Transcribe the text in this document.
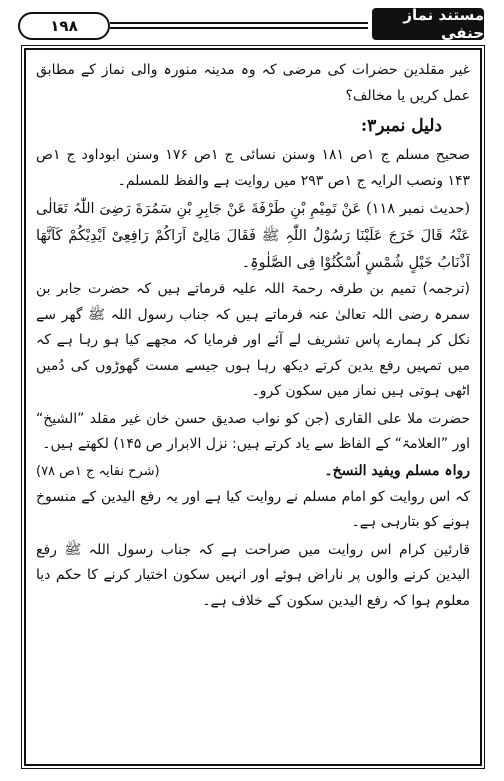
۱۹۸
مستند نماز حنفی

غیر مقلدین حضرات کی مرضی کہ وہ مدینہ منورہ والی نماز کے مطابق عمل کریں یا مخالف؟

دلیل نمبر۳:

صحیح مسلم ج ۱ص ۱۸۱ وسنن نسائی ج ۱ص ۱۷۶ وسنن ابوداود ج ۱ص ۱۴۳ ونصب الرایہ ج ۱ص ۲۹۳ میں روایت ہے والفظ للمسلم۔

(حدیث نمبر ۱۱۸) عَنْ تَمِیْمِ بْنِ طَرْفَةَ عَنْ جَابِرِ بْنِ سَمُرَةَ رَضِیَ اللّٰہُ تَعَالٰی عَنْہُ قَالَ خَرَجَ عَلَیْنَا رَسُوْلُ اللّٰہِ ﷺ فَقَالَ مَالِیْ اَرَاکُمْ رَافِعِیْ اَیْدِیْکُمْ کَاَنَّھَا اَذْنَابُ خَیْلٍ شُمْسٍ اُسْکُنُوْا فِی الصَّلٰوۃِ۔

(ترجمہ) تمیم بن طرفہ رحمۃ اللہ علیہ فرماتے ہیں کہ حضرت جابر بن سمرہ رضی اللہ تعالیٰ عنہ فرماتے ہیں کہ جناب رسول اللہ ﷺ گھر سے نکل کر ہمارے پاس تشریف لے آئے اور فرمایا کہ مجھے کیا ہو رہا ہے کہ میں تمہیں رفع یدین کرتے دیکھ رہا ہوں جیسے مست گھوڑوں کی دُمیں اٹھی ہوتی ہیں نماز میں سکون کرو۔

حضرت ملا علی القاری (جن کو نواب صدیق حسن خان غیر مقلد ”الشیخ“ اور ”العلامۃ“ کے الفاظ سے یاد کرتے ہیں: نزل الابرار ص ۱۴۵) لکھتے ہیں۔

رواہ مسلم ویفید النسخ۔
(شرح نقایہ ج ۱ص ۷۸)

کہ اس روایت کو امام مسلم نے روایت کیا ہے اور یہ رفع الیدین کے منسوخ ہونے کو بتارہی ہے۔

قارئین کرام اس روایت میں صراحت ہے کہ جناب رسول اللہ ﷺ رفع الیدین کرنے والوں پر ناراض ہوئے اور انہیں سکون اختیار کرنے کا حکم دیا معلوم ہوا کہ رفع الیدین سکون کے خلاف ہے۔
